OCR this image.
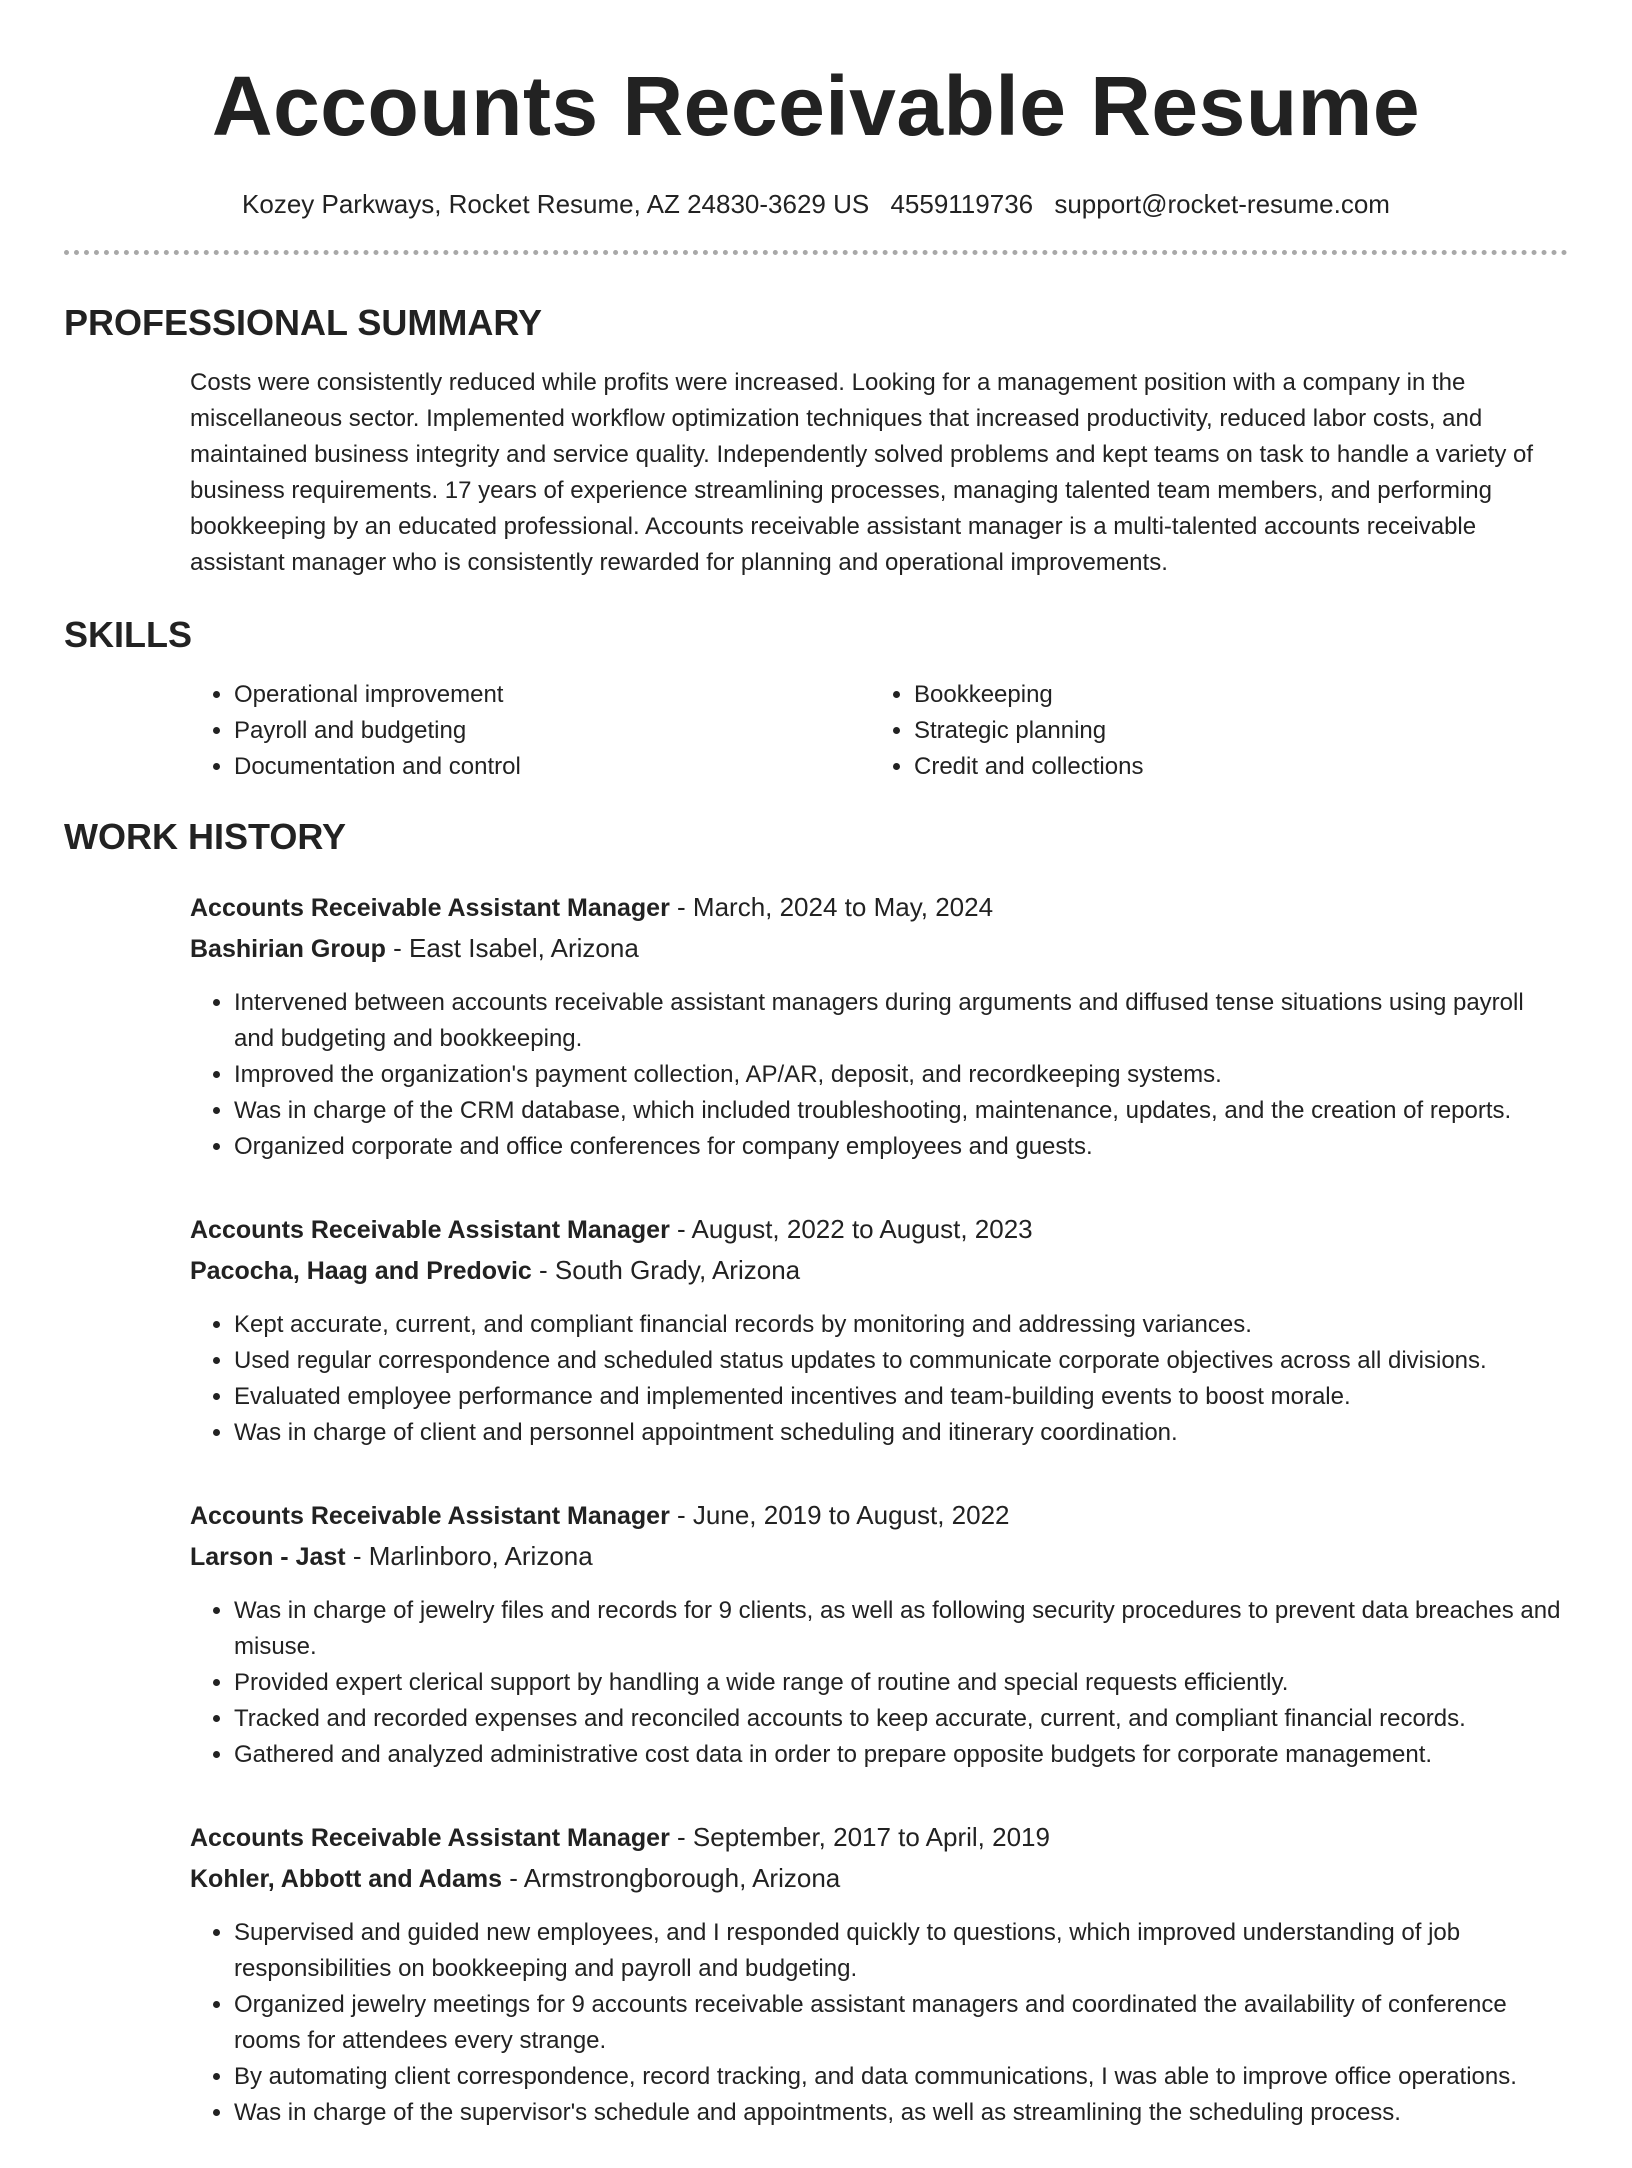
Accounts Receivable Resume
Kozey Parkways, Rocket Resume, AZ 24830-3629 US 4559119736 support@rocket-resume.com
PROFESSIONAL SUMMARY
Costs were consistently reduced while profits were increased. Looking for a management position with a company in the miscellaneous sector. Implemented workflow optimization techniques that increased productivity, reduced labor costs, and maintained business integrity and service quality. Independently solved problems and kept teams on task to handle a variety of business requirements. 17 years of experience streamlining processes, managing talented team members, and performing bookkeeping by an educated professional. Accounts receivable assistant manager is a multi-talented accounts receivable assistant manager who is consistently rewarded for planning and operational improvements.
SKILLS
• Operational improvement
• Payroll and budgeting
• Documentation and control
• Bookkeeping
• Strategic planning
• Credit and collections
WORK HISTORY
Accounts Receivable Assistant Manager - March, 2024 to May, 2024
Bashirian Group - East Isabel, Arizona
• Intervened between accounts receivable assistant managers during arguments and diffused tense situations using payroll and budgeting and bookkeeping.
• Improved the organization's payment collection, AP/AR, deposit, and recordkeeping systems.
• Was in charge of the CRM database, which included troubleshooting, maintenance, updates, and the creation of reports.
• Organized corporate and office conferences for company employees and guests.
Accounts Receivable Assistant Manager - August, 2022 to August, 2023
Pacocha, Haag and Predovic - South Grady, Arizona
• Kept accurate, current, and compliant financial records by monitoring and addressing variances.
• Used regular correspondence and scheduled status updates to communicate corporate objectives across all divisions.
• Evaluated employee performance and implemented incentives and team-building events to boost morale.
• Was in charge of client and personnel appointment scheduling and itinerary coordination.
Accounts Receivable Assistant Manager - June, 2019 to August, 2022
Larson - Jast - Marlinboro, Arizona
• Was in charge of jewelry files and records for 9 clients, as well as following security procedures to prevent data breaches and misuse.
• Provided expert clerical support by handling a wide range of routine and special requests efficiently.
• Tracked and recorded expenses and reconciled accounts to keep accurate, current, and compliant financial records.
• Gathered and analyzed administrative cost data in order to prepare opposite budgets for corporate management.
Accounts Receivable Assistant Manager - September, 2017 to April, 2019
Kohler, Abbott and Adams - Armstrongborough, Arizona
• Supervised and guided new employees, and I responded quickly to questions, which improved understanding of job responsibilities on bookkeeping and payroll and budgeting.
• Organized jewelry meetings for 9 accounts receivable assistant managers and coordinated the availability of conference rooms for attendees every strange.
• By automating client correspondence, record tracking, and data communications, I was able to improve office operations.
• Was in charge of the supervisor's schedule and appointments, as well as streamlining the scheduling process.
